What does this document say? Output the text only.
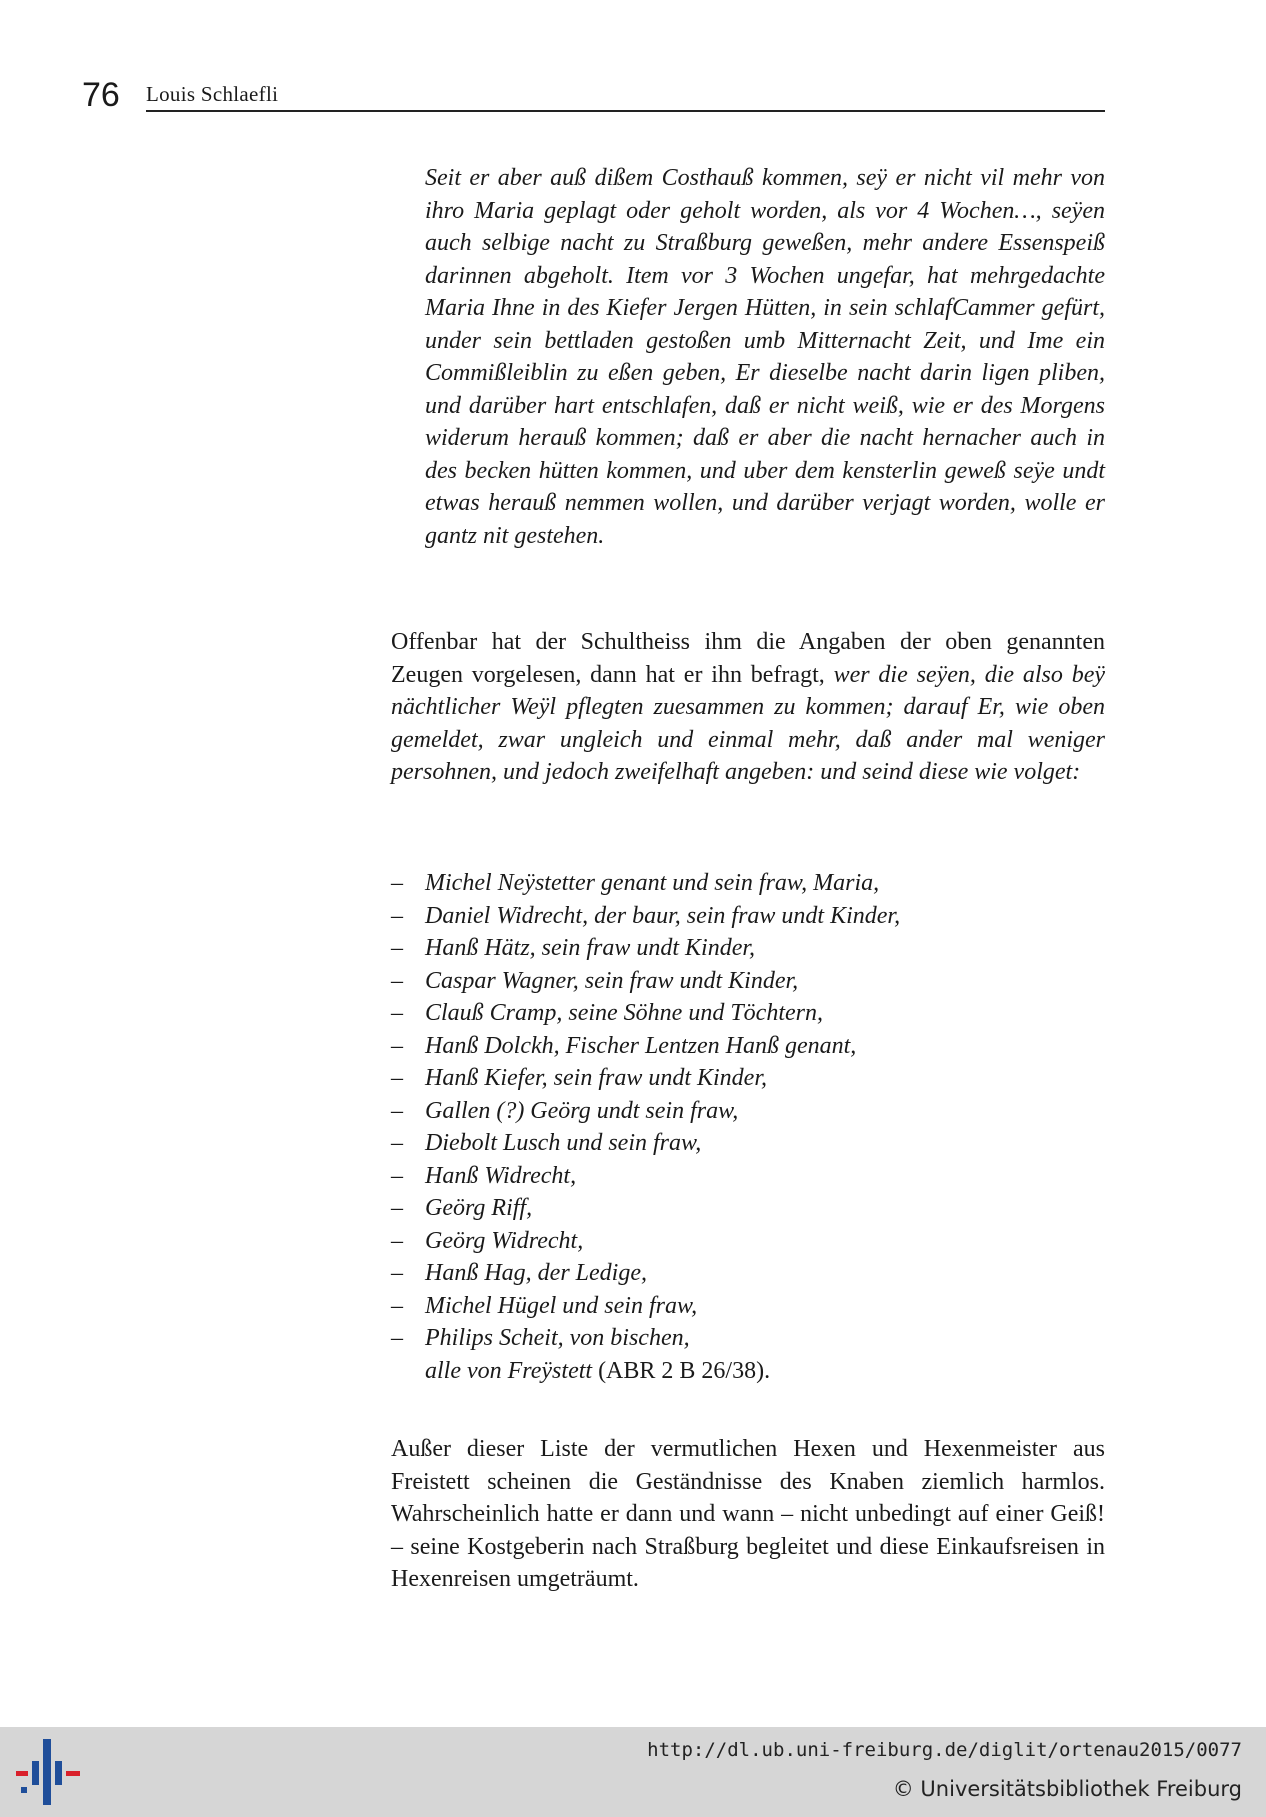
76 Louis Schlaefli
Seit er aber auß dißem Costhauß kommen, seÿ er nicht vil mehr von ihro Maria geplagt oder geholt worden, als vor 4 Wochen…, seÿen auch selbige nacht zu Straßburg geweßen, mehr andere Essenspeiß darinnen abgeholt. Item vor 3 Wochen ungefar, hat mehrgedachte Maria Ihne in des Kiefer Jergen Hütten, in sein schlafCammer gefürt, under sein bettladen gestoßen umb Mitternacht Zeit, und Ime ein Commißleiblin zu eßen geben, Er dieselbe nacht darin ligen pliben, und darüber hart entschlafen, daß er nicht weiß, wie er des Morgens widerum herauß kommen; daß er aber die nacht hernacher auch in des becken hütten kommen, und uber dem kensterlin geweß seÿe undt etwas herauß nemmen wollen, und darüber verjagt worden, wolle er gantz nit gestehen.
Offenbar hat der Schultheiss ihm die Angaben der oben genannten Zeugen vorgelesen, dann hat er ihn befragt, wer die seÿen, die also beÿ nächtlicher Weÿl pflegten zuesammen zu kommen; darauf Er, wie oben gemeldet, zwar ungleich und einmal mehr, daß ander mal weniger persohnen, und jedoch zweifelhaft angeben: und seind diese wie volget:
– Michel Neÿstetter genant und sein fraw, Maria,
– Daniel Widrecht, der baur, sein fraw undt Kinder,
– Hanß Hätz, sein fraw undt Kinder,
– Caspar Wagner, sein fraw undt Kinder,
– Clauß Cramp, seine Söhne und Töchtern,
– Hanß Dolckh, Fischer Lentzen Hanß genant,
– Hanß Kiefer, sein fraw undt Kinder,
– Gallen (?) Geörg undt sein fraw,
– Diebolt Lusch und sein fraw,
– Hanß Widrecht,
– Geörg Riff,
– Geörg Widrecht,
– Hanß Hag, der Ledige,
– Michel Hügel und sein fraw,
– Philips Scheit, von bischen,
alle von Freÿstett (ABR 2 B 26/38).
Außer dieser Liste der vermutlichen Hexen und Hexenmeister aus Freistett scheinen die Geständnisse des Knaben ziemlich harmlos. Wahrscheinlich hatte er dann und wann – nicht unbedingt auf einer Geiß! – seine Kostgeberin nach Straßburg begleitet und diese Einkaufsreisen in Hexenreisen umgeträumt.
http://dl.ub.uni-freiburg.de/diglit/ortenau2015/0077
© Universitätsbibliothek Freiburg
